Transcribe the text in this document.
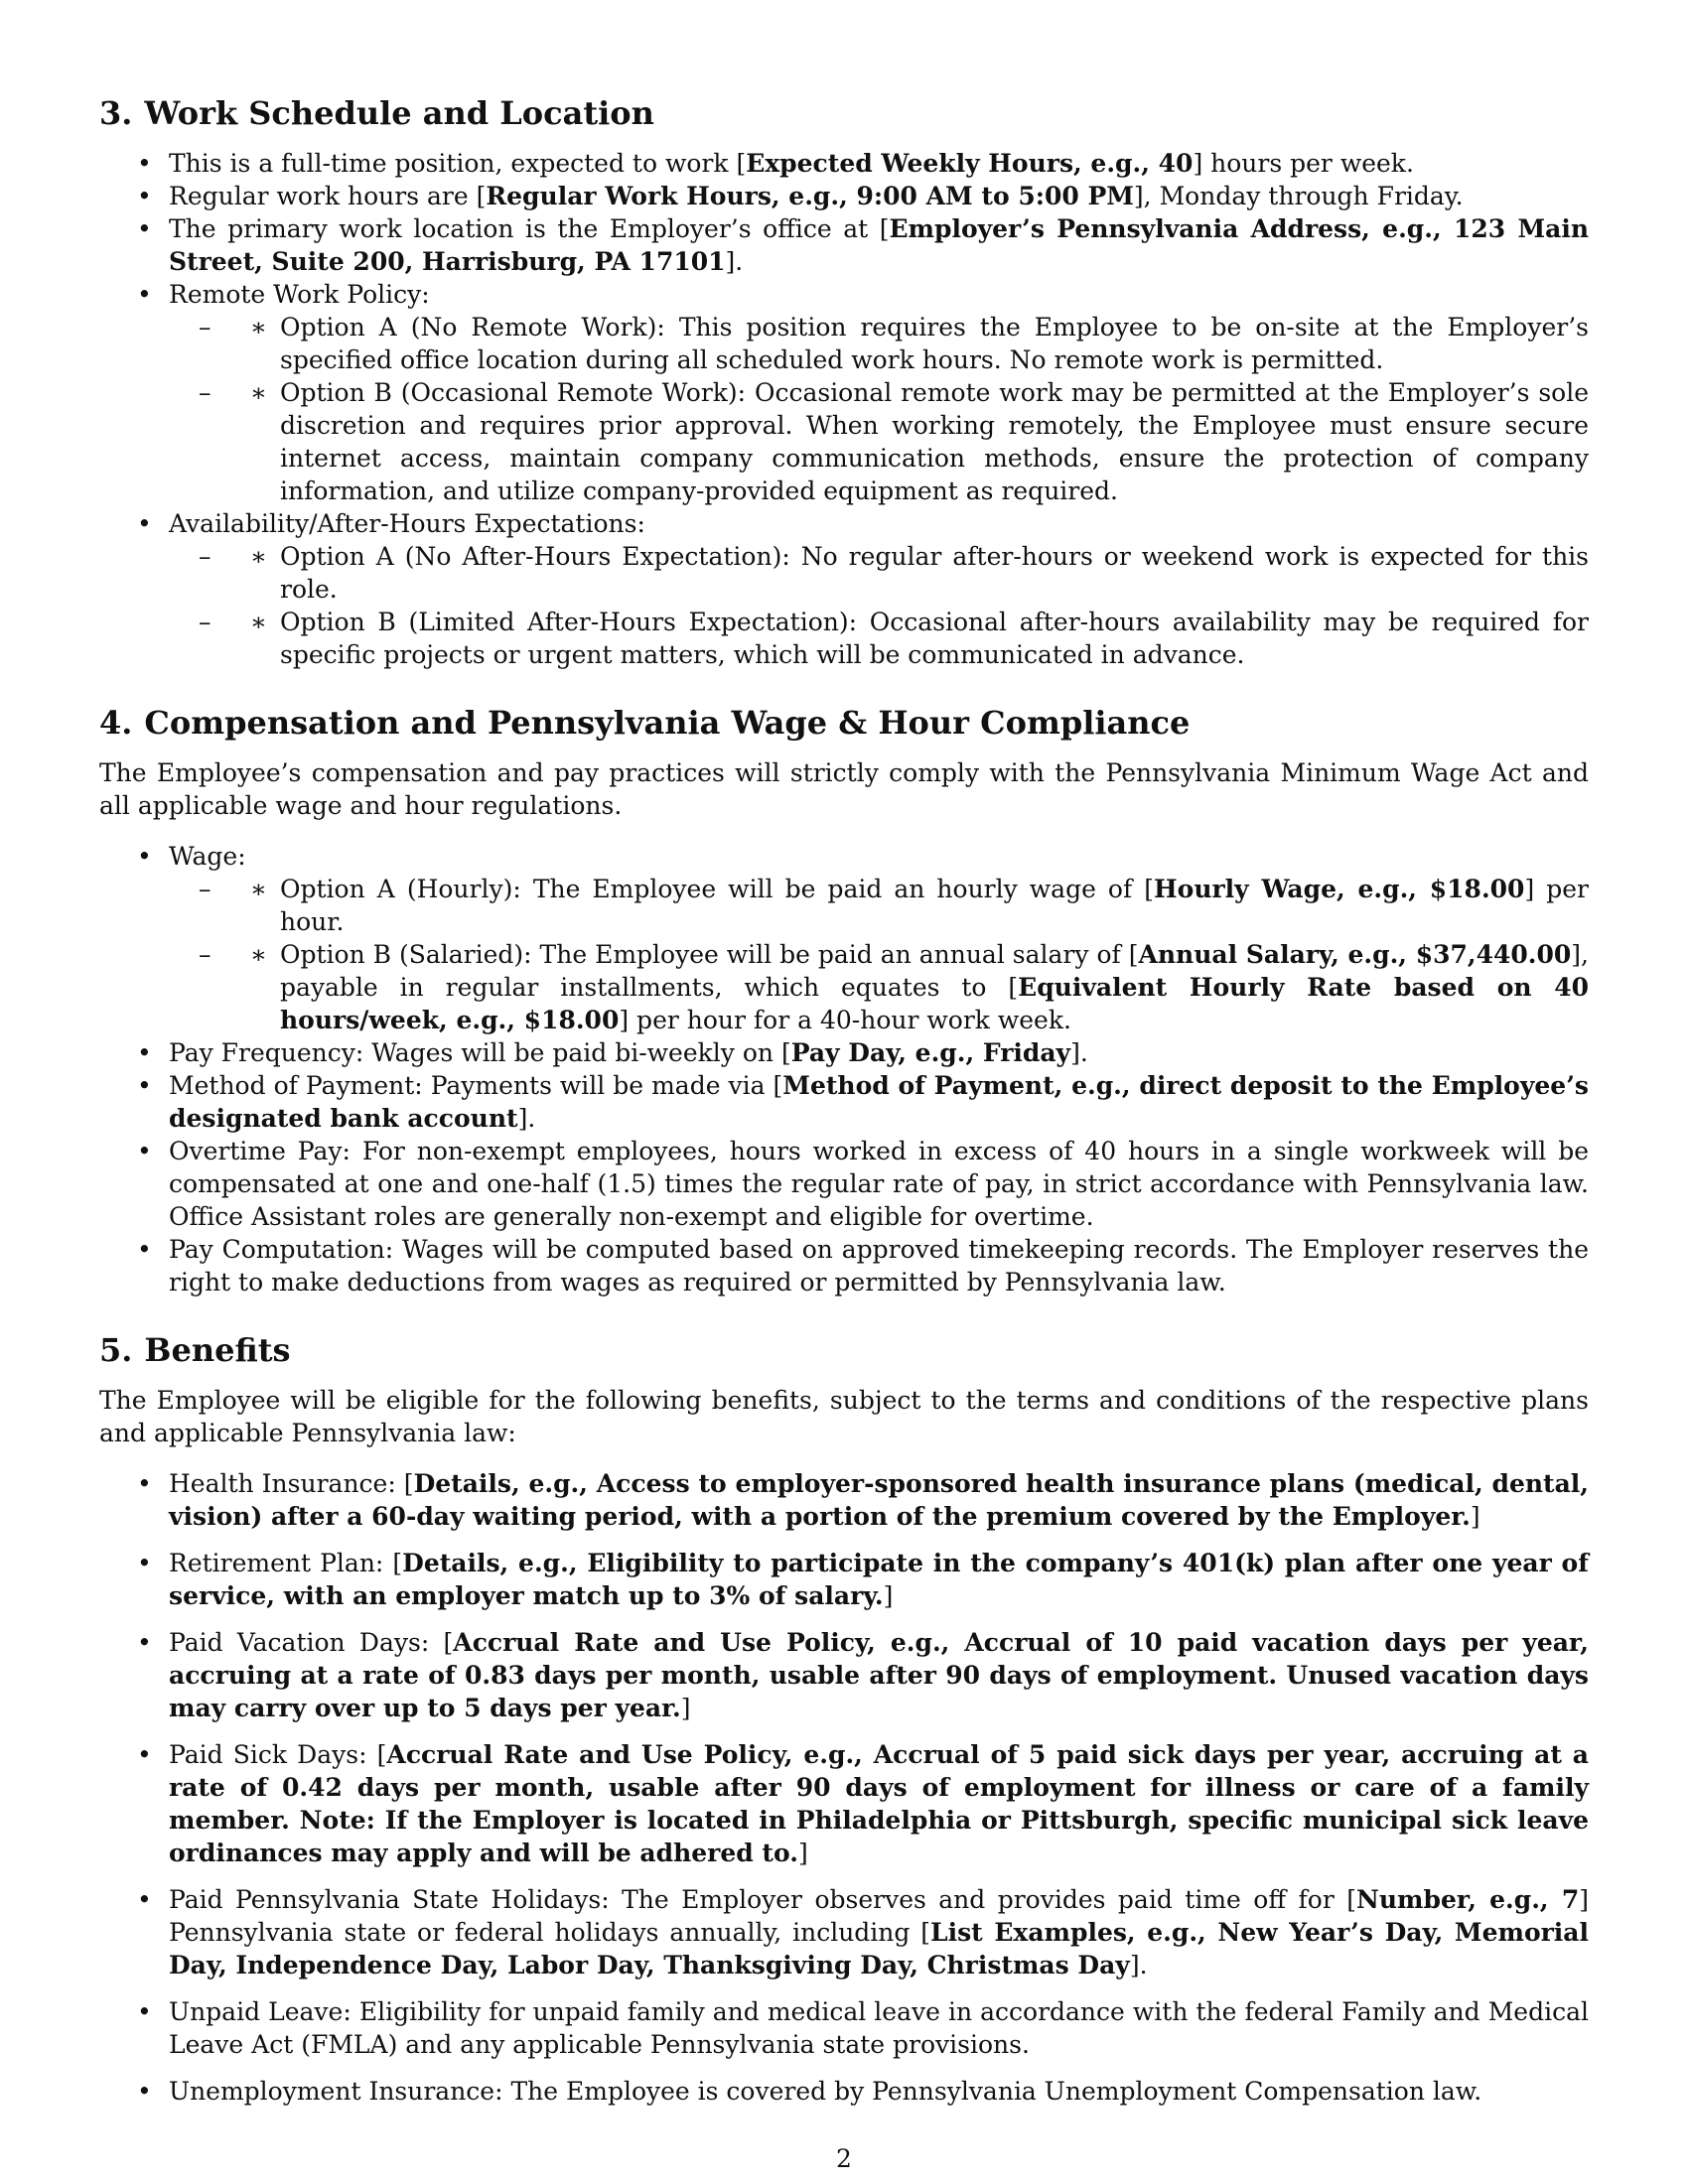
3. Work Schedule and Location
• This is a full-time position, expected to work [Expected Weekly Hours, e.g., 40] hours per week.
• Regular work hours are [Regular Work Hours, e.g., 9:00 AM to 5:00 PM], Monday through Friday.
• The primary work location is the Employer’s office at [Employer’s Pennsylvania Address, e.g., 123 Main Street, Suite 200, Harrisburg, PA 17101].
• Remote Work Policy:
– ∗ Option A (No Remote Work): This position requires the Employee to be on-site at the Employer’s specified office location during all scheduled work hours. No remote work is permitted.
– ∗ Option B (Occasional Remote Work): Occasional remote work may be permitted at the Employer’s sole discretion and requires prior approval. When working remotely, the Employee must ensure secure internet access, maintain company communication methods, ensure the protection of company information, and utilize company-provided equipment as required.
• Availability/After-Hours Expectations:
– ∗ Option A (No After-Hours Expectation): No regular after-hours or weekend work is expected for this role.
– ∗ Option B (Limited After-Hours Expectation): Occasional after-hours availability may be required for specific projects or urgent matters, which will be communicated in advance.
4. Compensation and Pennsylvania Wage & Hour Compliance

The Employee’s compensation and pay practices will strictly comply with the Pennsylvania Minimum Wage Act and all applicable wage and hour regulations.

• Wage:
– ∗ Option A (Hourly): The Employee will be paid an hourly wage of [Hourly Wage, e.g., $18.00] per hour.
– ∗ Option B (Salaried): The Employee will be paid an annual salary of [Annual Salary, e.g., $37,440.00], payable in regular installments, which equates to [Equivalent Hourly Rate based on 40 hours/week, e.g., $18.00] per hour for a 40-hour work week.
• Pay Frequency: Wages will be paid bi-weekly on [Pay Day, e.g., Friday].
• Method of Payment: Payments will be made via [Method of Payment, e.g., direct deposit to the Employee’s designated bank account].
• Overtime Pay: For non-exempt employees, hours worked in excess of 40 hours in a single workweek will be compensated at one and one-half (1.5) times the regular rate of pay, in strict accordance with Pennsylvania law. Office Assistant roles are generally non-exempt and eligible for overtime.
• Pay Computation: Wages will be computed based on approved timekeeping records. The Employer reserves the right to make deductions from wages as required or permitted by Pennsylvania law.
5. Benefits

The Employee will be eligible for the following benefits, subject to the terms and conditions of the respective plans and applicable Pennsylvania law:

• Health Insurance: [Details, e.g., Access to employer-sponsored health insurance plans (medical, dental, vision) after a 60-day waiting period, with a portion of the premium covered by the Employer.]
• Retirement Plan: [Details, e.g., Eligibility to participate in the company’s 401(k) plan after one year of service, with an employer match up to 3% of salary.]
• Paid Vacation Days: [Accrual Rate and Use Policy, e.g., Accrual of 10 paid vacation days per year, accruing at a rate of 0.83 days per month, usable after 90 days of employment. Unused vacation days may carry over up to 5 days per year.]
• Paid Sick Days: [Accrual Rate and Use Policy, e.g., Accrual of 5 paid sick days per year, accruing at a rate of 0.42 days per month, usable after 90 days of employment for illness or care of a family member. Note: If the Employer is located in Philadelphia or Pittsburgh, specific municipal sick leave ordinances may apply and will be adhered to.]
• Paid Pennsylvania State Holidays: The Employer observes and provides paid time off for [Number, e.g., 7] Pennsylvania state or federal holidays annually, including [List Examples, e.g., New Year’s Day, Memorial Day, Independence Day, Labor Day, Thanksgiving Day, Christmas Day].
• Unpaid Leave: Eligibility for unpaid family and medical leave in accordance with the federal Family and Medical Leave Act (FMLA) and any applicable Pennsylvania state provisions.
• Unemployment Insurance: The Employee is covered by Pennsylvania Unemployment Compensation law.
2
